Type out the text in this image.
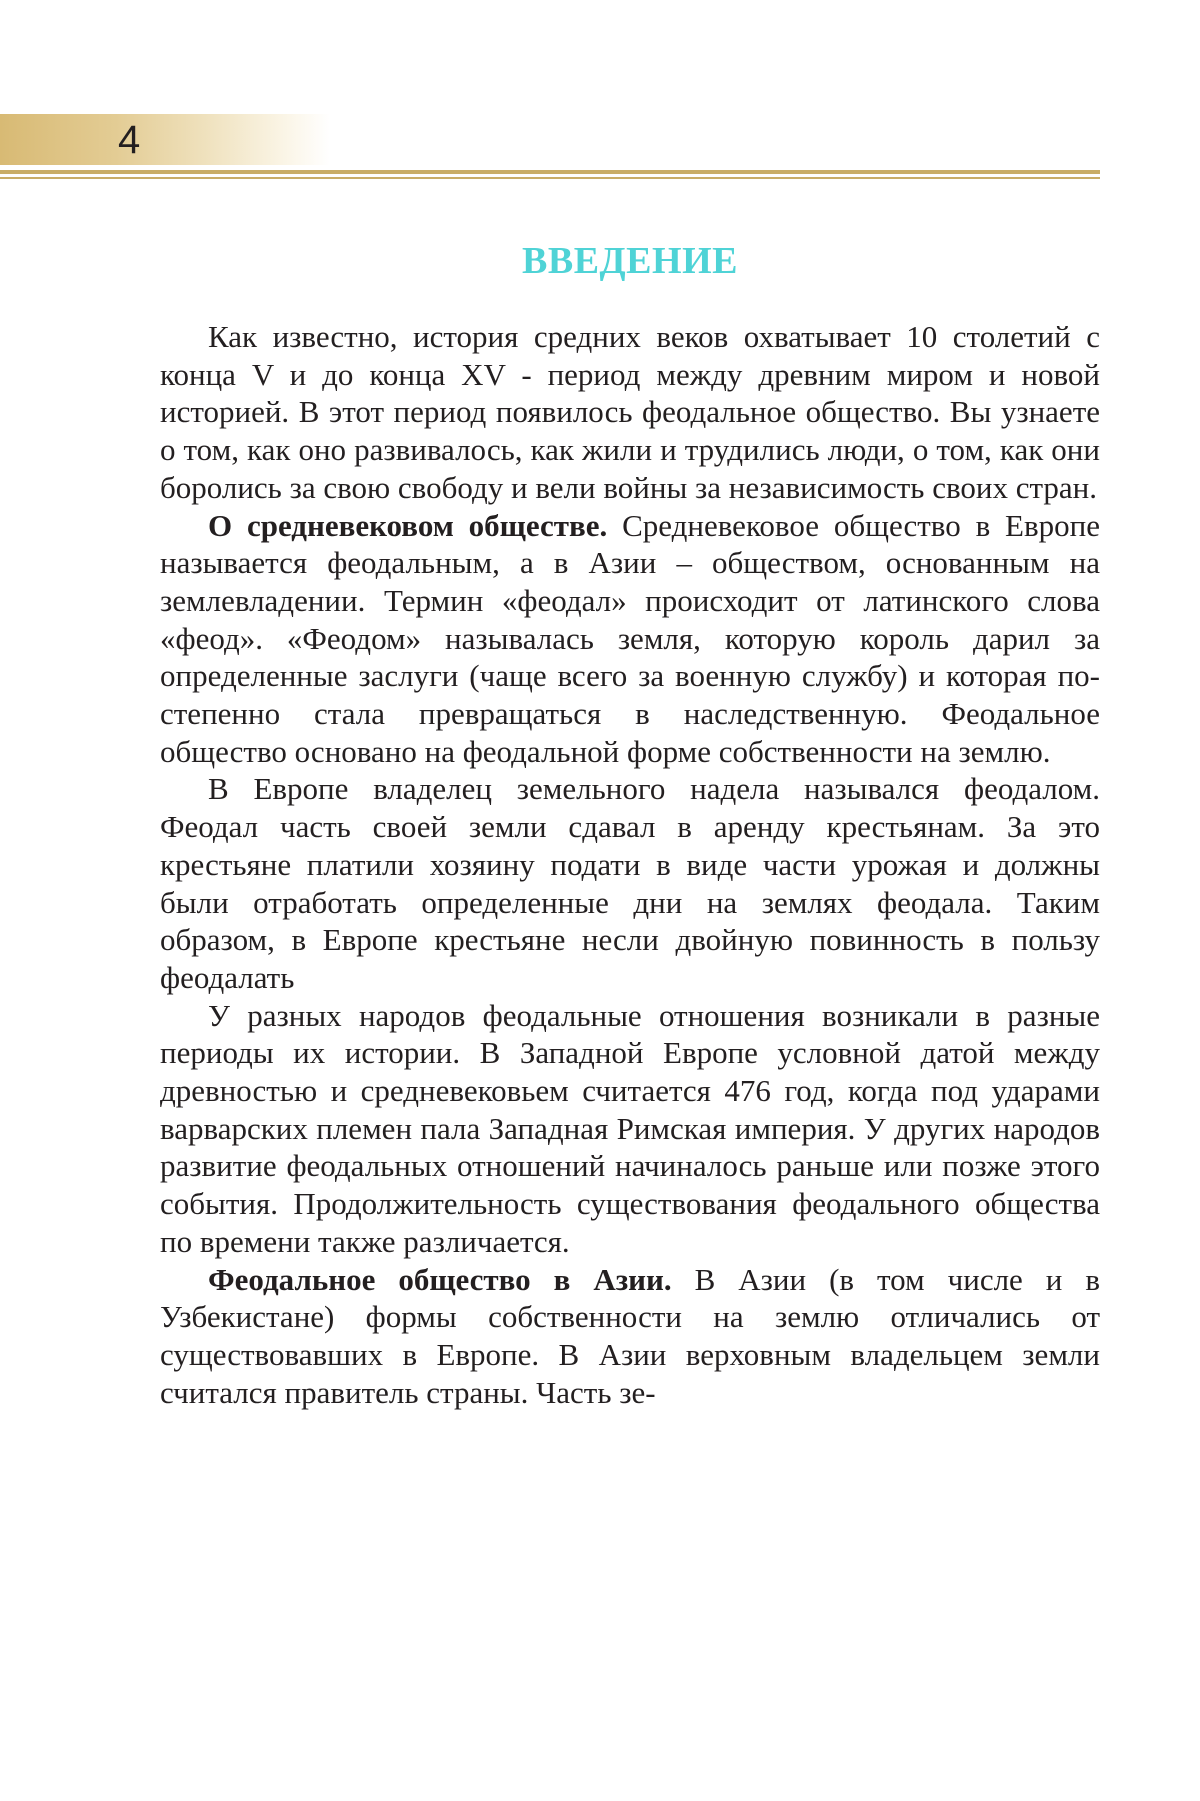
4
ВВЕДЕНИЕ

Как известно, история средних веков охватывает 10 столетий с конца V и до конца XV - период между древ­ним миром и новой историей. В этот период появилось феодальное общество. Вы узнаете о том, как оно раз­вивалось, как жили и трудились люди, о том, как они боролись за свою свободу и вели войны за независи­мость своих стран.

О средневековом обществе. Средневековое общество в Европе называется феодальным, а в Азии – обще­ством, основанным на землевладении. Термин «феодал» происходит от латинского слова «феод». «Феодом» назы­валась земля, которую король дарил за определенные заслуги (чаще всего за военную службу) и которая по­степенно стала превращаться в наследственную. Феодаль­ное общество основано на феодальной форме собствен­ности на землю.

В Европе владелец земельного надела назывался фе­одалом. Феодал часть своей земли сдавал в аренду кре­стьянам. За это крестьяне платили хозяину подати в виде части урожая и должны были отработать опреде­ленные дни на землях феодала. Таким образом, в Ев­ропе крестьяне несли двойную повинность в пользу феодалать

У разных народов феодальные отношения возникали в разные периоды их истории. В Западной Европе ус­ловной датой между древностью и средневековьем счи­тается 476 год, когда под ударами варварских племен пала Западная Римская империя. У других народов раз­витие феодальных отношений начиналось раньше или позже этого события. Продолжительность существования феодального общества по времени также различается.

Феодальное общество в Азии. В Азии (в том числе и в Узбекистане) формы собственности на землю отлича­лись от существовавших в Европе. В Азии верховным владельцем земли считался правитель страны. Часть зе-
